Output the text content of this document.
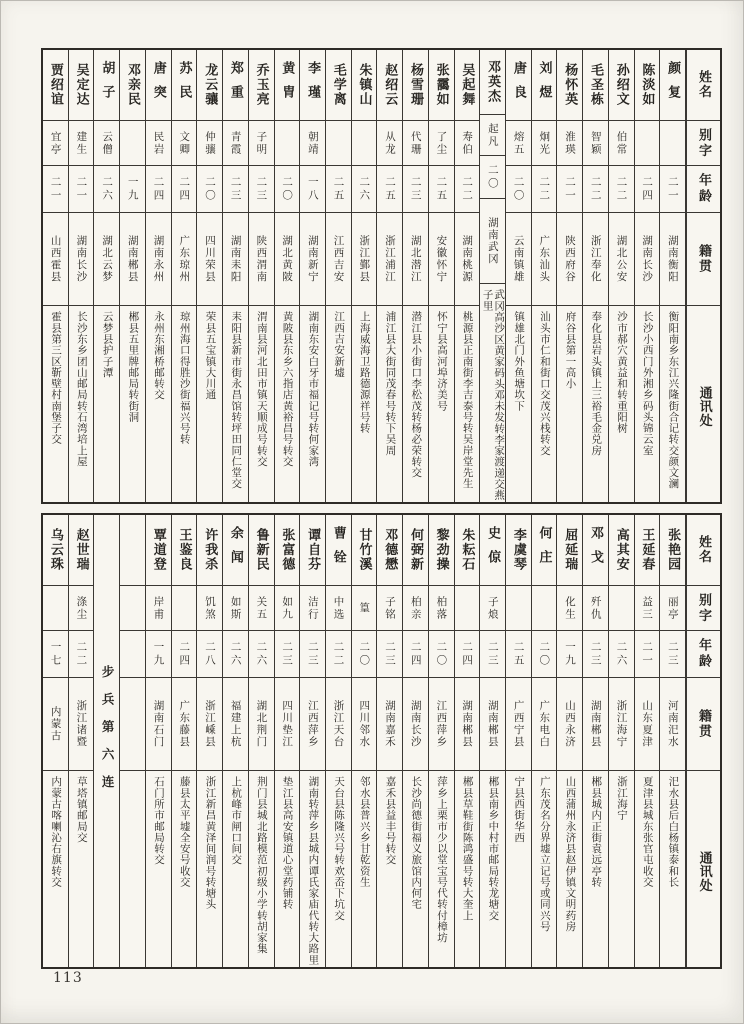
姓名
别字
年龄
籍贯
通讯处
颜复
二一
湖南衡阳
衡阳南乡东江兴隆街合记转交颜文澜
陈淡如
二四
湖南长沙
长沙小西门外湘乡码头锦云室
孙绍文
伯常
二二
湖北公安
沙市郝穴黄益和转重阳树
毛圣栋
智颖
二二
浙江奉化
奉化县岩头镇上三裕毛金兑房
杨怀英
淮瑛
二一
陕西府谷
府谷县第一高小
刘煜
炯光
二二
广东汕头
汕头市仁和街口交茂兴栈转交
唐良
熔五
二〇
云南镇雄
镇雄北门外鱼塘坎下
邓英杰
起凡
二〇
湖南武冈
武冈高沙区黄家码头邓未发转李家渡递交燕子里
吴起舞
寿伯
二二
湖南桃源
桃源县正南街李吉泰号转吴岸堂先生
张靄如
了尘
二五
安徽怀宁
怀宁县高河埠济美号
杨雪珊
代珊
二三
湖北潜江
潜江县小街口李松茂转杨必荣转交
赵绍云
从龙
二五
浙江浦江
浦江县大街同茂春号转下吴周
朱镇山
二六
浙江鄞县
上海威海卫路德源祥号转
毛学离
二五
江西吉安
江西吉安新墟
李瑾
朝靖
一八
湖南新宁
湖南东安白牙市福记号转何家湾
黄胄
二〇
湖北黄陂
黄陂县东乡六指店黄裕昌号转交
乔玉亮
子明
二三
陕西渭南
渭南县河北田市镇天顺成号转交
郑重
青霞
二三
湖南耒阳
耒阳县新市街永昌馆转坪田同仁堂交
龙云骧
仲骧
二〇
四川荣县
荣县五宝镇大川通
苏民
文卿
二四
广东琼州
琼州海口得胜沙街福兴号转
唐突
民岩
二四
湖南永州
永州东湘桥邮转交
邓亲民
一九
湖南郴县
郴县五里牌邮局转街洞
胡子
云僧
二六
湖北云梦
云梦县护子潭
吴定达
建生
二一
湖南长沙
长沙东乡团山邮局转石湾培上屋
贾绍谊
宜亭
二一
山西霍县
霍县第三区靳壁村南堡子交
姓名
别字
年龄
籍贯
通讯处
张艳园
丽亭
二三
河南汜水
汜水县后白杨镇泰和长
王延春
益三
二一
山东夏津
夏津县城东张官屯收交
高其安
二六
浙江海宁
浙江海宁
邓戈
歼仇
二三
湖南郴县
郴县城内正街袁远亭转
屈延瑞
化生
一九
山西永济
山西蒲州永济县赵伊镇文明药房
何庄
二〇
广东电白
广东茂名分界墟立记号或同兴号
李虞琴
二五
广西宁县
宁县西街华西
史倞
子烺
二三
湖南郴县
郴县南乡中村市邮局转龙塘交
朱耘石
二四
湖南郴县
郴县草鞋街陈鸿盛号转大奎上
黎劲操
柏落
二〇
江西萍乡
萍乡上栗市少以堂宝号代转付樟坊
何弼新
柏亲
二四
湖南长沙
长沙尚德街福义旅馆内何宅
邓德懋
子铭
二三
湖南嘉禾
嘉禾县益丰号转交
甘竹溪
篁
二〇
四川邻水
邻水县普兴乡甘乾资生
曹铨
中选
二二
浙江天台
天台县陈隆兴号转欢岙下坑交
谭自芬
洁行
二三
江西萍乡
湖南转萍乡县城内谭氏家庙代转大路里
张富德
如九
二三
四川垫江
垫江县高安镇道心堂药铺转
鲁新民
关五
二六
湖北荆门
荆门县城北路模范初级小学转胡家集
余闻
如斯
二六
福建上杭
上杭峰市闸口间交
许我杀
饥煞
二八
浙江嵊县
浙江新昌黄泽间润号转塘头
王鉴良
二四
广东藤县
藤县太平墟全安号收交
覃道登
岸甫
一九
湖南石门
石门所市邮局转交
步兵第六连
赵世瑞
涤尘
二二
浙江诸暨
草塔镇邮局交
乌云珠
一七
内蒙古
内蒙古喀喇沁右旗转交
113
